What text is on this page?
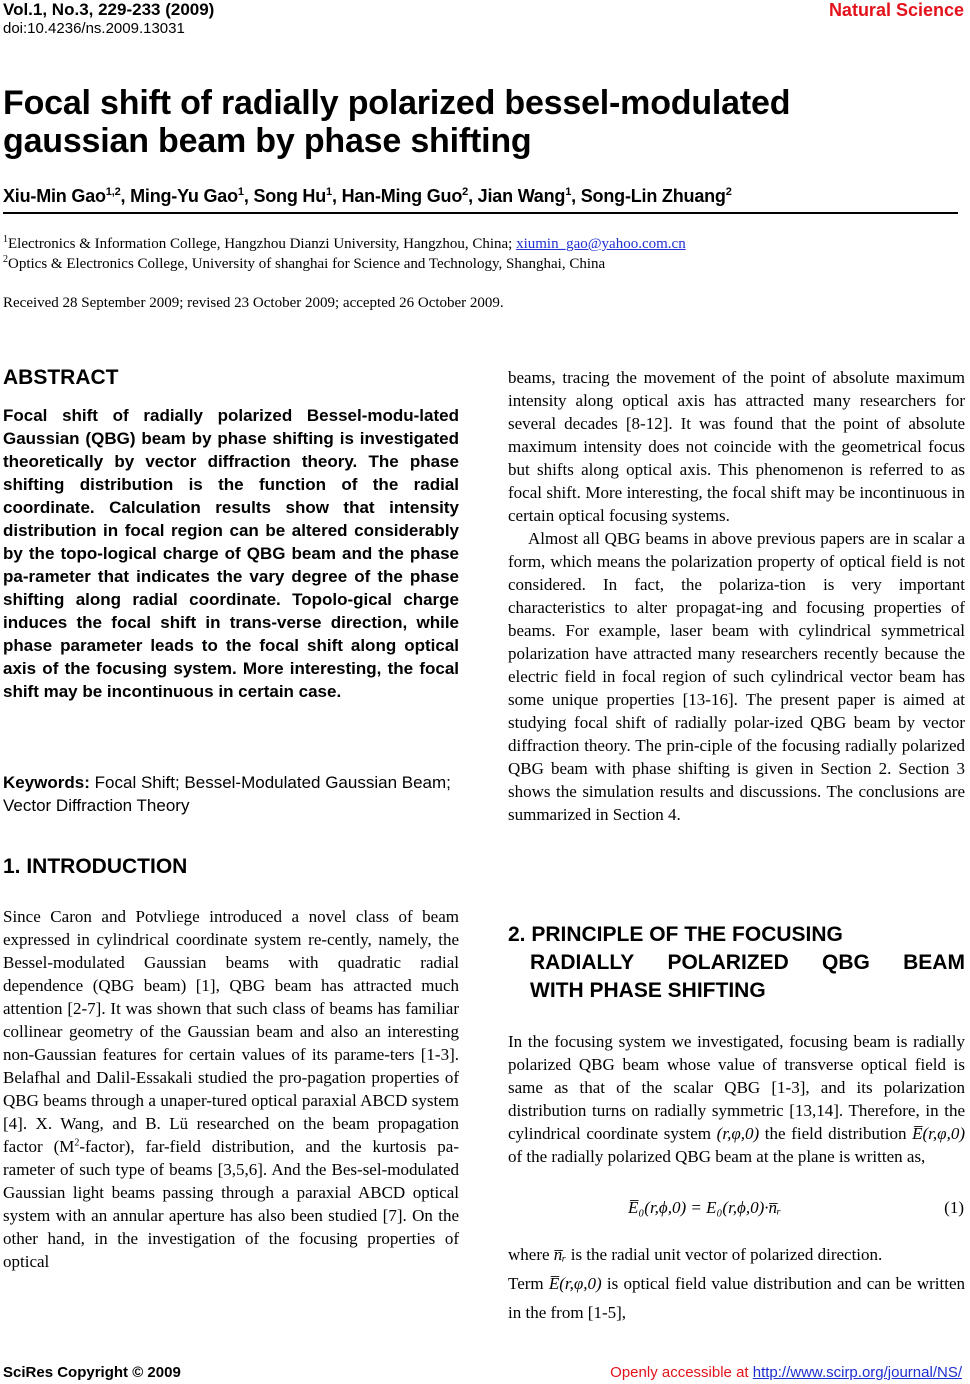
Vol.1, No.3, 229-233 (2009)
doi:10.4236/ns.2009.13031
Natural Science
Focal shift of radially polarized bessel-modulated gaussian beam by phase shifting
Xiu-Min Gao$^{1,2}$, Ming-Yu Gao$^1$, Song Hu$^1$, Han-Ming Guo$^2$, Jian Wang$^1$, Song-Lin Zhuang$^2$
$^1$Electronics & Information College, Hangzhou Dianzi University, Hangzhou, China; xiumin_gao@yahoo.com.cn
$^2$Optics & Electronics College, University of shanghai for Science and Technology, Shanghai, China
Received 28 September 2009; revised 23 October 2009; accepted 26 October 2009.
ABSTRACT
Focal shift of radially polarized Bessel-modu-lated Gaussian (QBG) beam by phase shifting is investigated theoretically by vector diffraction theory. The phase shifting distribution is the function of the radial coordinate. Calculation results show that intensity distribution in focal region can be altered considerably by the topo-logical charge of QBG beam and the phase pa-rameter that indicates the vary degree of the phase shifting along radial coordinate. Topolo-gical charge induces the focal shift in trans-verse direction, while phase parameter leads to the focal shift along optical axis of the focusing system. More interesting, the focal shift may be incontinuous in certain case.
Keywords: Focal Shift; Bessel-Modulated Gaussian Beam; Vector Diffraction Theory
1. INTRODUCTION

Since Caron and Potvliege introduced a novel class of beam expressed in cylindrical coordinate system re-cently, namely, the Bessel-modulated Gaussian beams with quadratic radial dependence (QBG beam) [1], QBG beam has attracted much attention [2-7]. It was shown that such class of beams has familiar collinear geometry of the Gaussian beam and also an interesting non-Gaussian features for certain values of its parame-ters [1-3]. Belafhal and Dalil-Essakali studied the pro-pagation properties of QBG beams through a unaper-tured optical paraxial ABCD system [4]. X. Wang, and B. Lü researched on the beam propagation factor $(M^2-factor)$, far-field distribution, and the kurtosis pa-rameter of such type of beams [3,5,6]. And the Bes-sel-modulated Gaussian light beams passing through a paraxial ABCD optical system with an annular aperture has also been studied [7]. On the other hand, in the investigation of the focusing properties of optical

beams, tracing the movement of the point of absolute maximum intensity along optical axis has attracted many researchers for several decades [8-12]. It was found that the point of absolute maximum intensity does not coincide with the geometrical focus but shifts along optical axis. This phenomenon is referred to as focal shift. More interesting, the focal shift may be incontinuous in certain optical focusing systems.

Almost all QBG beams in above previous papers are in scalar a form, which means the polarization property of optical field is not considered. In fact, the polariza-tion is very important characteristics to alter propagat-ing and focusing properties of beams. For example, laser beam with cylindrical symmetrical polarization have attracted many researchers recently because the electric field in focal region of such cylindrical vector beam has some unique properties [13-16]. The present paper is aimed at studying focal shift of radially polar-ized QBG beam by vector diffraction theory. The prin-ciple of the focusing radially polarized QBG beam with phase shifting is given in Section 2. Section 3 shows the simulation results and discussions. The conclusions are summarized in Section 4.

2. PRINCIPLE OF THE FOCUSING
RADIALLY POLARIZED QBG BEAM
WITH PHASE SHIFTING

In the focusing system we investigated, focusing beam is radially polarized QBG beam whose value of transverse optical field is same as that of the scalar QBG [1-3], and its polarization distribution turns on radially symmetric [13,14]. Therefore, in the cylindrical coordinate system (r,φ,0) the field distribution E̅(r,φ,0) of the radially polarized QBG beam at the plane is written as,

E̅₀(r,ϕ,0) = E₀(r,ϕ,0)·n̅ᵣ	(1)

where n̅ᵣ is the radial unit vector of polarized direction.

Term E̅(r,φ,0) is optical field value distribution and can be written in the from [1-5],

SciRes Copyright © 2009	Openly accessible at http://www.scirp.org/journal/NS/
